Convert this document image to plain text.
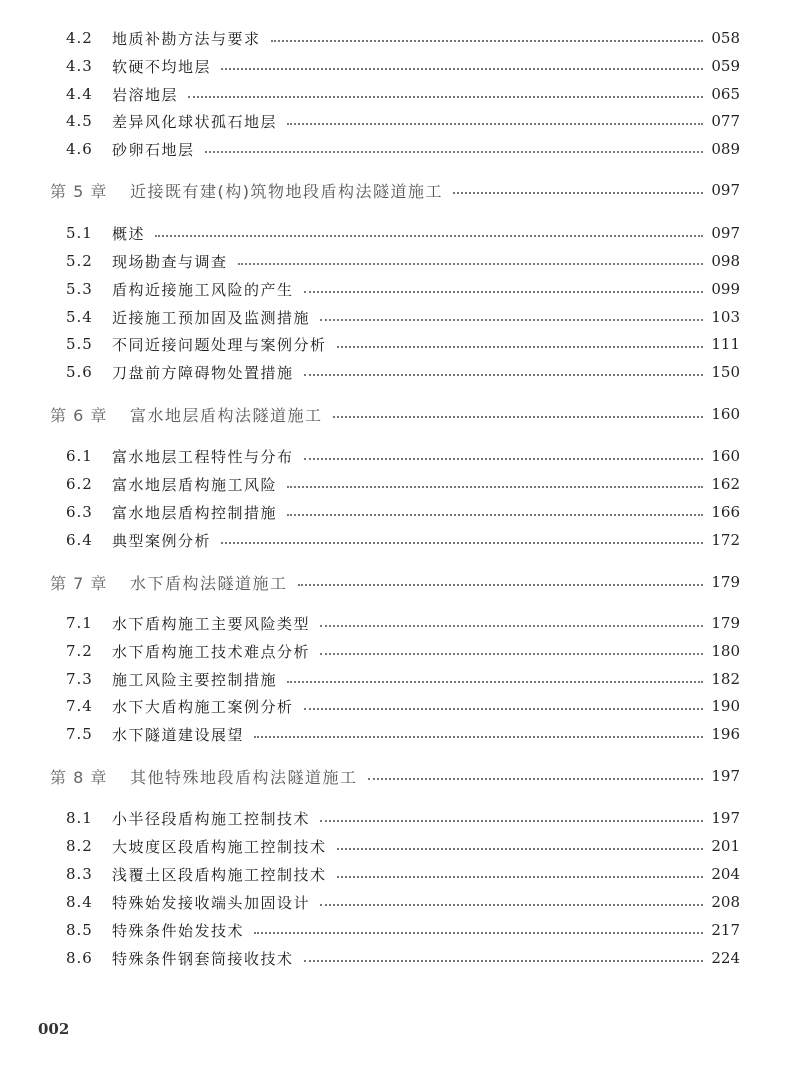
4.2 地质补勘方法与要求	058
4.3 软硬不均地层	059
4.4 岩溶地层	065
4.5 差异风化球状孤石地层	077
4.6 砂卵石地层	089
第 5 章 近接既有建(构)筑物地段盾构法隧道施工	097
5.1 概述	097
5.2 现场勘查与调查	098
5.3 盾构近接施工风险的产生	099
5.4 近接施工预加固及监测措施	103
5.5 不同近接问题处理与案例分析	111
5.6 刀盘前方障碍物处置措施	150
第 6 章 富水地层盾构法隧道施工	160
6.1 富水地层工程特性与分布	160
6.2 富水地层盾构施工风险	162
6.3 富水地层盾构控制措施	166
6.4 典型案例分析	172
第 7 章 水下盾构法隧道施工	179
7.1 水下盾构施工主要风险类型	179
7.2 水下盾构施工技术难点分析	180
7.3 施工风险主要控制措施	182
7.4 水下大盾构施工案例分析	190
7.5 水下隧道建设展望	196
第 8 章 其他特殊地段盾构法隧道施工	197
8.1 小半径段盾构施工控制技术	197
8.2 大坡度区段盾构施工控制技术	201
8.3 浅覆土区段盾构施工控制技术	204
8.4 特殊始发接收端头加固设计	208
8.5 特殊条件始发技术	217
8.6 特殊条件钢套筒接收技术	224
002
